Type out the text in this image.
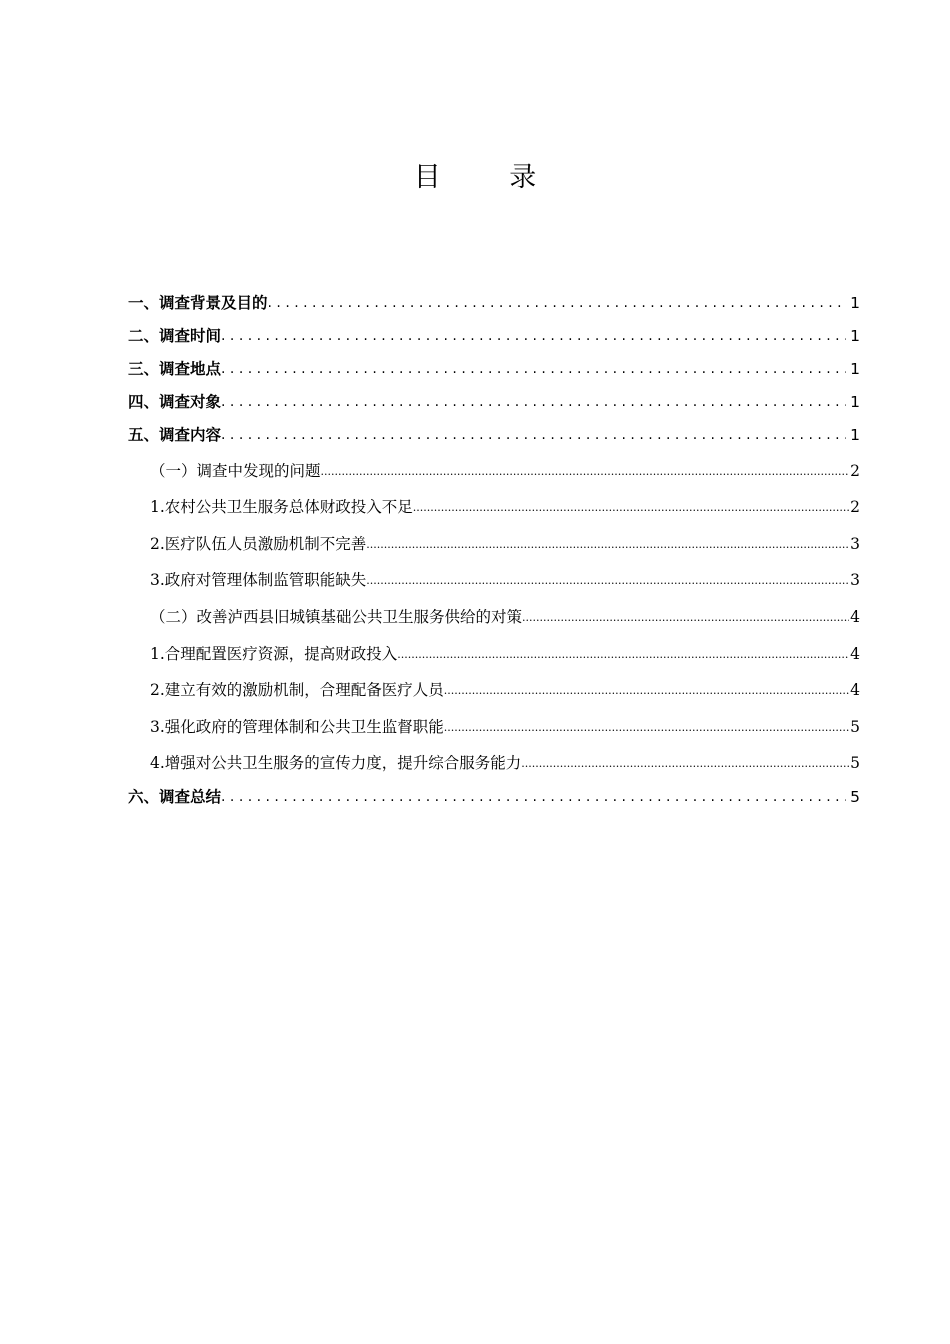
目 录
一、调查背景及目的 . . .	1
二、调查时间 . . .	1
三、调查地点 . . .	1
四、调查对象 . . .	1
五、调查内容 . . .	1
（一）调查中发现的问题 .....	2
1.农村公共卫生服务总体财政投入不足 .....	2
2.医疗队伍人员激励机制不完善 .....	3
3.政府对管理体制监管职能缺失 .....	3
（二）改善泸西县旧城镇基础公共卫生服务供给的对策 .....	4
1.合理配置医疗资源，提高财政投入 .....	4
2.建立有效的激励机制，合理配备医疗人员 .....	4
3.强化政府的管理体制和公共卫生监督职能 .....	5
4.增强对公共卫生服务的宣传力度，提升综合服务能力 .....	5
六、调查总结 . . .	5
